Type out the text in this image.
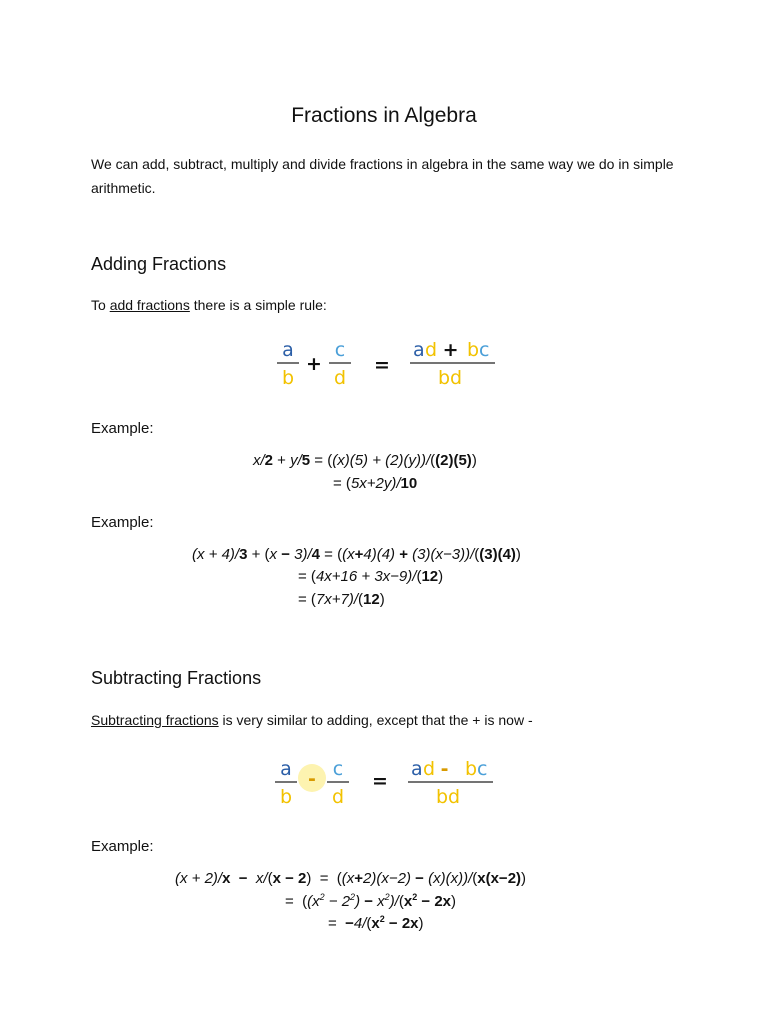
Fractions in Algebra
We can add, subtract, multiply and divide fractions in algebra in the same way we do in simple arithmetic.
Adding Fractions
To add fractions there is a simple rule:
a
b
+
c
d
=
a d
+ b c
b d
Example:
x/2 + y/5 = ((x)(5) + (2)(y))/((2)(5))
= (5x+2y)/10
Example:
(x + 4)/3 + (x − 3)/4 = ((x+4)(4) + (3)(x−3))/((3)(4))
= (4x+16 + 3x−9)/(12)
= (7x+7)/(12)
Subtracting Fractions
Subtracting fractions is very similar to adding, except that the + is now -
a
b
- c
d
=
a d
- b c
b d
Example:
(x + 2)/x − x/(x − 2)  =  ((x+2)(x−2) − (x)(x))/(x(x−2))
=  $((x^2 - 2^2) - x^2)/(x^2 - 2x)$
=  $-4/(x^2 - 2x)$
